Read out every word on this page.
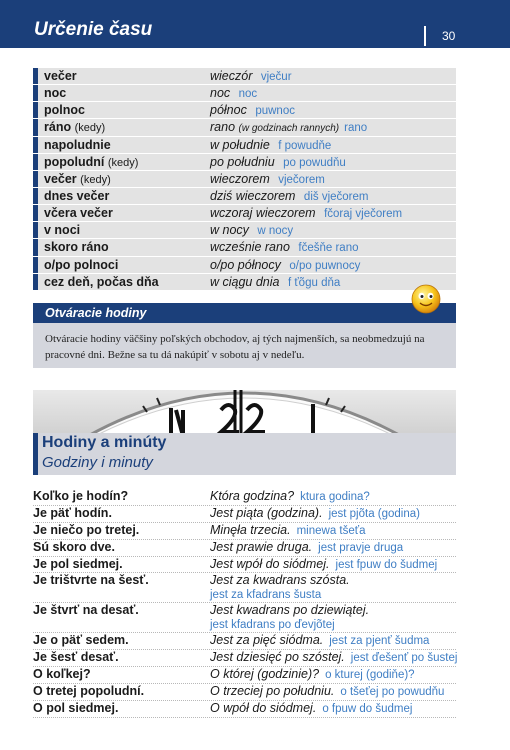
Určenie času	30
večer	wieczór vječur
noc	noc noc
polnoc	północ puwnoc
ráno (kedy)	rano (w godzinach rannych) rano
napoludnie	w południe f powudňe
popoludní (kedy)	po południu po powudňu
večer (kedy)	wieczorem vječorem
dnes večer	dziś wieczorem diš vječorem
včera večer	wczoraj wieczorem fčoraj vječorem
v noci	w nocy w nocy
skoro ráno	wcześnie rano fčešňe rano
o/po polnoci	o/po północy o/po puwnocy
cez deň, počas dňa	w ciągu dnia f ťõgu dňa
Otváracie hodiny
Otváracie hodiny väčšiny poľských obchodov, aj tých najmenších, sa neobmedzujú na pracovné dni. Bežne sa tu dá nakúpiť v sobotu aj v nedeľu.
Hodiny a minúty
Godziny i minuty
Koľko je hodín?	Która godzina? ktura godina?
Je päť hodín.	Jest piąta (godzina). jest pjõta (godina)
Je niečo po tretej.	Minęła trzecia. minewa tšeťa
Sú skoro dve.	Jest prawie druga. jest pravje druga
Je pol siedmej.	Jest wpół do siódmej. jest fpuw do šudmej
Je trištvrte na šesť.	Jest za kwadrans szósta.
jest za kfadrans šusta
Je štvrť na desať.	Jest kwadrans po dziewiątej.
jest kfadrans po ďevjõtej
Je o päť sedem.	Jest za pięć siódma. jest za pjenť šudma
Je šesť desať.	Jest dziesięć po szóstej. jest ďešenť po šustej
O koľkej?	O której (godzinie)? o kturej (godiňe)?
O tretej popoludní.	O trzeciej po południu. o tšeťej po powudňu
O pol siedmej.	O wpół do siódmej. o fpuw do šudmej
